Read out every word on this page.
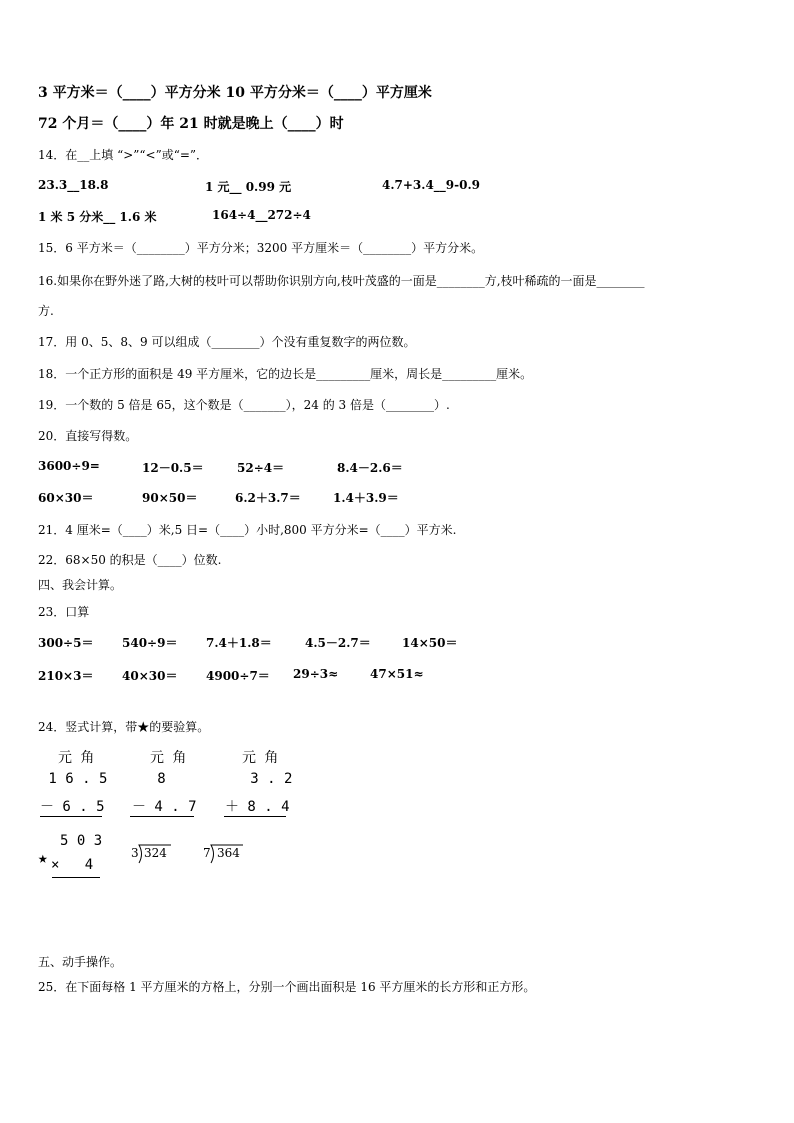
3 平方米＝（____）平方分米 10 平方分米＝（____）平方厘米
72 个月＝（____）年 21 时就是晚上（____）时
14．在__上填 “>”“<”或“=”．
23.3__18.8	1 元__ 0.99 元	4.7+3.4__9-0.9
1 米 5 分米__ 1.6 米	164÷4__272÷4
15．6 平方米＝（________）平方分米；3200 平方厘米＝（________）平方分米。
16.如果你在野外迷了路,大树的枝叶可以帮助你识别方向,枝叶茂盛的一面是________方,枝叶稀疏的一面是________
方.
17．用 0、5、8、9 可以组成（________）个没有重复数字的两位数。
18．一个正方形的面积是 49 平方厘米，它的边长是_________厘米，周长是_________厘米。
19．一个数的 5 倍是 65，这个数是（_______），24 的 3 倍是（________）.
20．直接写得数。
3600÷9=	12－0.5＝	52÷4＝	8.4－2.6＝
60×30＝	90×50＝	6.2＋3.7＝	1.4＋3.9＝
21．4 厘米=（____）米,5 日=（____）小时,800 平方分米=（____）平方米.
22．68×50 的积是（____）位数.
四、我会计算。
23．口算
300÷5＝ 540÷9＝ 7.4＋1.8＝	4.5－2.7＝	14×50＝
210×3＝ 40×30＝ 4900÷7＝ 29÷3≈	47×51≈
24．竖式计算，带★的要验算。
元 角
1 6 . 5
－ 6 . 5
元 角
8
－ 4 . 7
元 角
3 . 2
＋ 8 . 4
★
5 0 3
×   4
3 324	7 364
五、动手操作。
25．在下面每格 1 平方厘米的方格上，分别一个画出面积是 16 平方厘米的长方形和正方形。
